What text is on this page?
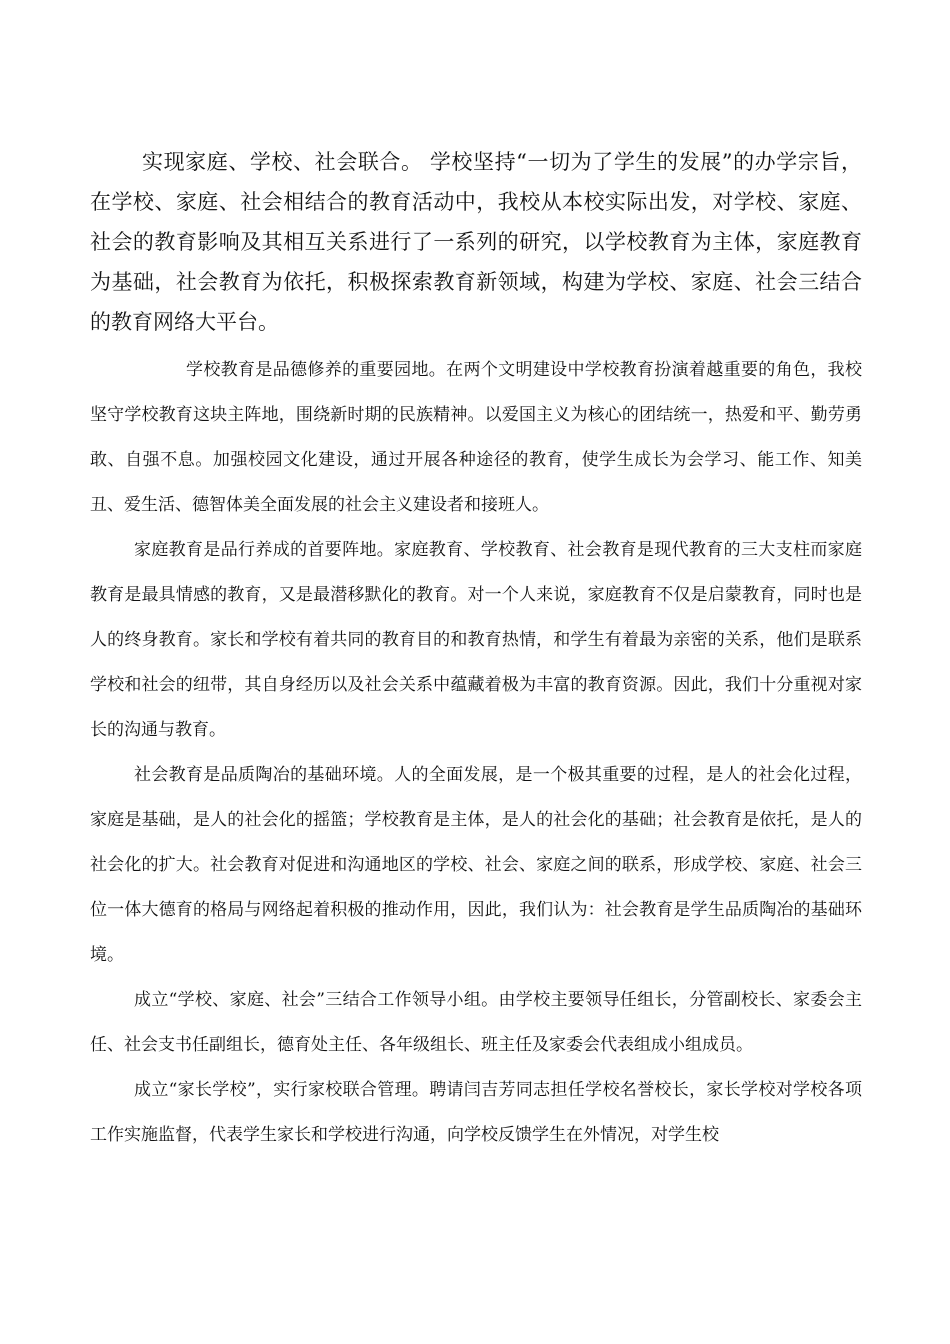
实现家庭、学校、社会联合。 学校坚持“一切为了学生的发展”的办学宗旨，在学校、家庭、社会相结合的教育活动中，我校从本校实际出发，对学校、家庭、社会的教育影响及其相互关系进行了一系列的研究，以学校教育为主体，家庭教育为基础，社会教育为依托，积极探索教育新领域，构建为学校、家庭、社会三结合的教育网络大平台。

学校教育是品德修养的重要园地。在两个文明建设中学校教育扮演着越重要的角色，我校坚守学校教育这块主阵地，围绕新时期的民族精神。以爱国主义为核心的团结统一，热爱和平、勤劳勇敢、自强不息。加强校园文化建设，通过开展各种途径的教育，使学生成长为会学习、能工作、知美丑、爱生活、德智体美全面发展的社会主义建设者和接班人。

家庭教育是品行养成的首要阵地。家庭教育、学校教育、社会教育是现代教育的三大支柱而家庭教育是最具情感的教育，又是最潜移默化的教育。对一个人来说，家庭教育不仅是启蒙教育，同时也是人的终身教育。家长和学校有着共同的教育目的和教育热情，和学生有着最为亲密的关系，他们是联系学校和社会的纽带，其自身经历以及社会关系中蕴藏着极为丰富的教育资源。因此，我们十分重视对家长的沟通与教育。

社会教育是品质陶冶的基础环境。人的全面发展，是一个极其重要的过程，是人的社会化过程，家庭是基础，是人的社会化的摇篮；学校教育是主体，是人的社会化的基础；社会教育是依托，是人的社会化的扩大。社会教育对促进和沟通地区的学校、社会、家庭之间的联系，形成学校、家庭、社会三位一体大德育的格局与网络起着积极的推动作用，因此，我们认为：社会教育是学生品质陶冶的基础环境。

成立“学校、家庭、社会”三结合工作领导小组。由学校主要领导任组长，分管副校长、家委会主任、社会支书任副组长，德育处主任、各年级组长、班主任及家委会代表组成小组成员。

成立“家长学校”，实行家校联合管理。聘请闫吉芳同志担任学校名誉校长，家长学校对学校各项工作实施监督，代表学生家长和学校进行沟通，向学校反馈学生在外情况，对学生校
